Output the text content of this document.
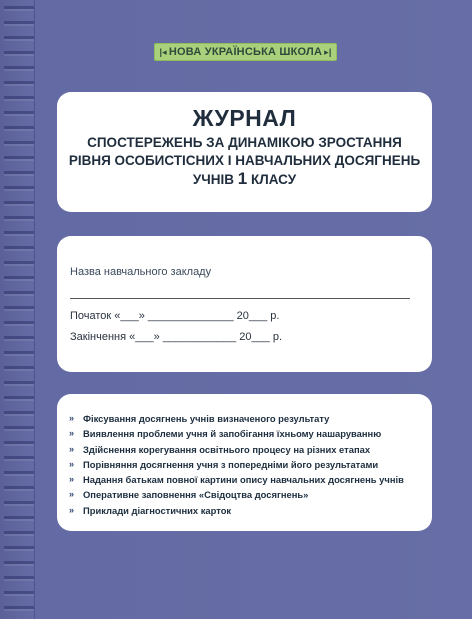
|◂ НОВА УКРАЇНСЬКА ШКОЛА ▸|
ЖУРНАЛ
СПОСТЕРЕЖЕНЬ ЗА ДИНАМІКОЮ ЗРОСТАННЯ
РІВНЯ ОСОБИСТІСНИХ І НАВЧАЛЬНИХ ДОСЯГНЕНЬ
УЧНІВ 1 КЛАСУ
Назва навчального закладу
Початок «___» ______________ 20___ р.
Закінчення «___» ____________ 20___ р.
» Фіксування досягнень учнів визначеного результату
» Виявлення проблеми учня й запобігання їхньому нашаруванню
» Здійснення корегування освітнього процесу на різних етапах
» Порівняння досягнення учня з попередніми його результатами
» Надання батькам повної картини опису навчальних досягнень учнів
» Оперативне заповнення «Свідоцтва досягнень»
» Приклади діагностичних карток
